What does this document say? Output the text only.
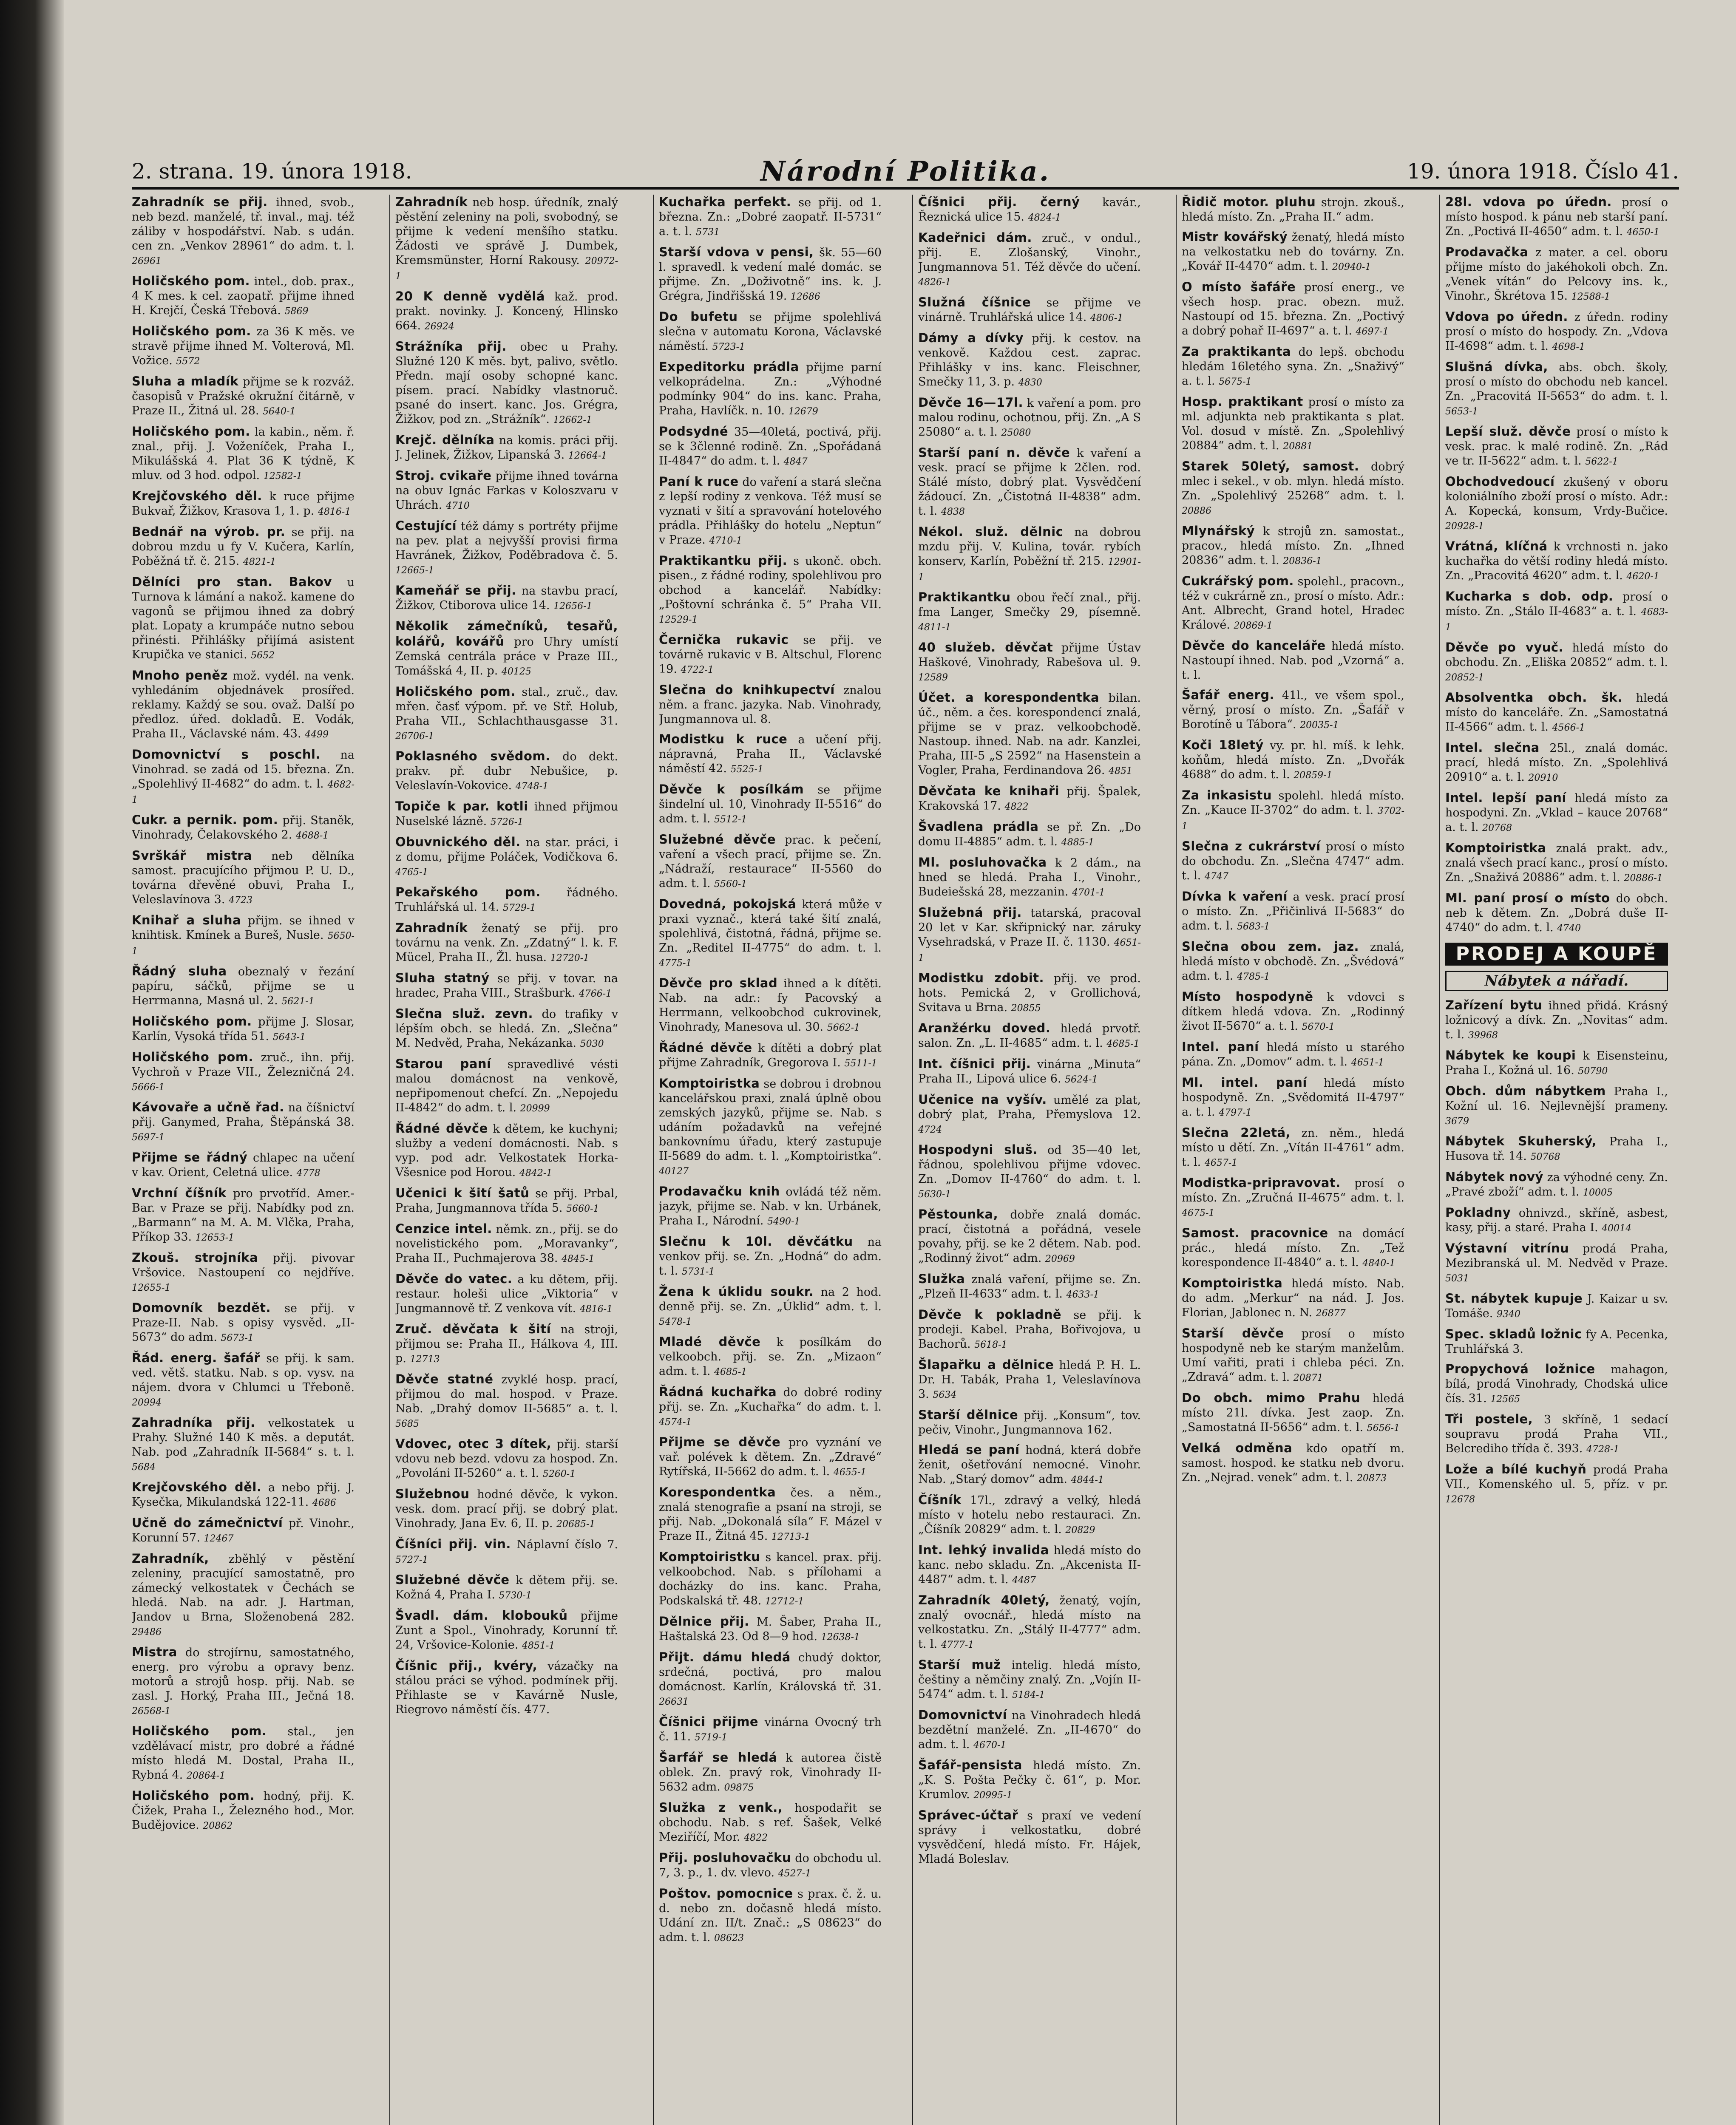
2. strana. 19. února 1918.	Národní Politika.	19. února 1918. Číslo 41.
Zahradník se přij. ihned, svob., neb bezd. manželé, tř. inval., maj. též záliby v hospodářství. Nab. s udán. cen zn. „Venkov 28961“ do adm. t. l. 26961
Holičského pom. intel., dob. prax., 4 K mes. k cel. zaopatř. přijme ihned H. Krejčí, Česká Třebová. 5869
Holičského pom. za 36 K měs. ve stravě přijme ihned M. Volterová, Ml. Vožice. 5572
Sluha a mladík přijme se k rozváž. časopisů v Pražské okružní čitárně, v Praze II., Žitná ul. 28. 5640-1
Holičského pom. la kabin., něm. ř. znal., přij. J. Voženíček, Praha I., Mikulášská 4. Plat 36 K týdně, K mluv. od 3 hod. odpol. 12582-1
Krejčovského děl. k ruce přijme Bukvař, Žižkov, Krasova 1, 1. p. 4816-1
Bednář na výrob. pr. se přij. na dobrou mzdu u fy V. Kučera, Karlín, Poběžná tř. č. 215. 4821-1
Dělníci pro stan. Bakov u Turnova k lámání a nakož. kamene do vagonů se přijmou ihned za dobrý plat. Lopaty a krumpáče nutno sebou přinésti. Přihlášky přijímá asistent Krupička ve stanici. 5652
Mnoho peněz mož. vydél. na venk. vyhledáním objednávek prosířed. reklamy. Každý se sou. ovaž. Další po předloz. úřed. dokladů. E. Vodák, Praha II., Václavské nám. 43. 4499
Domovnictví s poschl. na Vinohrad. se zadá od 15. března. Zn. „Spolehlivý II-4682“ do adm. t. l. 4682-1
Cukr. a pernik. pom. přij. Staněk, Vinohrady, Čelakovského 2. 4688-1
Svrškář mistra neb dělníka samost. pracujícího přijmou P. U. D., továrna dřevěné obuvi, Praha I., Veleslavínova 3. 4723
Knihař a sluha přijm. se ihned v knihtisk. Kmínek a Bureš, Nusle. 5650-1
Řádný sluha obeznalý v řezání papíru, sáčků, přijme se u Herrmanna, Masná ul. 2. 5621-1
Holičského pom. přijme J. Slosar, Karlín, Vysoká třída 51. 5643-1
Holičského pom. zruč., ihn. přij. Vychroň v Praze VII., Železničná 24. 5666-1
Kávovaře a učně řad. na číšnictví přij. Ganymed, Praha, Štěpánská 38. 5697-1
Přijme se řádný chlapec na učení v kav. Orient, Celetná ulice. 4778
Vrchní číšník pro prvotříd. Amer.-Bar. v Praze se přij. Nabídky pod zn. „Barmann“ na M. A. M. Vlčka, Praha, Příkop 33. 12653-1
Zkouš. strojníka přij. pivovar Vršovice. Nastoupení co nejdříve. 12655-1
Domovník bezdět. se přij. v Praze-II. Nab. s opisy vysvěd. „II-5673“ do adm. 5673-1
Řád. energ. šafář se přij. k sam. ved. větš. statku. Nab. s op. vysv. na nájem. dvora v Chlumci u Třeboně. 20994
Zahradníka přij. velkostatek u Prahy. Služné 140 K měs. a deputát. Nab. pod „Zahradník II-5684“ s. t. l. 5684
Krejčovského děl. a nebo přij. J. Kysečka, Mikulandská 122-11. 4686
Učně do zámečnictví př. Vinohr., Korunní 57. 12467
Zahradník, zběhlý v pěstění zeleniny, pracující samostatně, pro zámecký velkostatek v Čechách se hledá. Nab. na adr. J. Hartman, Jandov u Brna, Složenobená 282. 29486
Mistra do strojírnu, samostatného, energ. pro výrobu a opravy benz. motorů a strojů hosp. přij. Nab. se zasl. J. Horký, Praha III., Ječná 18. 26568-1
Holičského pom. stal., jen vzdělávací mistr, pro dobré a řádné místo hledá M. Dostal, Praha II., Rybná 4. 20864-1
Holičského pom. hodný, přij. K. Čižek, Praha I., Železného hod., Mor. Budějovice. 20862
Zahradník neb hosp. úředník, znalý pěstění zeleniny na poli, svobodný, se přijme k vedení menšího statku. Žádosti ve správě J. Dumbek, Kremsmünster, Horní Rakousy. 20972-1
20 K denně vydělá kaž. prod. prakt. novinky. J. Koncený, Hlinsko 664. 26924
Strážníka přij. obec u Prahy. Služné 120 K měs. byt, palivo, světlo. Předn. mají osoby schopné kanc. písem. prací. Nabídky vlastnoruč. psané do insert. kanc. Jos. Grégra, Žižkov, pod zn. „Strážník“. 12662-1
Krejč. dělníka na komis. práci přij. J. Jelinek, Žižkov, Lipanská 3. 12664-1
Stroj. cvikaře přijme ihned továrna na obuv Ignác Farkas v Koloszvaru v Uhrách. 4710
Cestující též dámy s portréty přijme na pev. plat a nejvyšší provisi firma Havránek, Žižkov, Poděbradova č. 5. 12665-1
Kameňář se přij. na stavbu prací, Žižkov, Ctiborova ulice 14. 12656-1
Několik zámečníků, tesařů, kolářů, kovářů pro Uhry umístí Zemská centrála práce v Praze III., Tomášská 4, II. p. 40125
Holičského pom. stal., zruč., dav. mřen. časť výpom. př. ve Stř. Holub, Praha VII., Schlachthausgasse 31. 26706-1
Poklasného svědom. do dekt. prakv. př. dubr Nebušice, p. Veleslavín-Vokovice. 4748-1
Topiče k par. kotli ihned přijmou Nuselské lázně. 5726-1
Obuvnického děl. na star. práci, i z domu, přijme Poláček, Vodičkova 6. 4765-1
Pekařského pom. řádného. Truhlářská ul. 14. 5729-1
Zahradník ženatý se přij. pro továrnu na venk. Zn. „Zdatný“ l. k. F. Mücel, Praha II., Žl. husa. 12720-1
Sluha statný se přij. v tovar. na hradec, Praha VIII., Strašburk. 4766-1
Slečna služ. zevn. do trafiky v lépším obch. se hledá. Zn. „Slečna“ M. Nedvěd, Praha, Nekázanka. 5030
Starou paní spravedlivé vésti malou domácnost na venkově, nepřipomenout chefcí. Zn. „Nepojedu II-4842“ do adm. t. l. 20999
Řádné děvče k dětem, ke kuchyni; služby a vedení domácnosti. Nab. s vyp. pod adr. Velkostatek Horka-Všesnice pod Horou. 4842-1
Učenici k šití šatů se přij. Prbal, Praha, Jungmannova třída 5. 5660-1
Cenzice intel. němk. zn., přij. se do novelistického pom. „Moravanky“, Praha II., Puchmajerova 38. 4845-1
Děvče do vatec. a ku dětem, přij. restaur. holeši ulice „Viktoria“ v Jungmannově tř. Z venkova vít. 4816-1
Zruč. děvčata k šití na stroji, přijmou se: Praha II., Hálkova 4, III. p. 12713
Děvče statné zvyklé hosp. prací, přijmou do mal. hospod. v Praze. Nab. „Drahý domov II-5685“ a. t. l. 5685
Vdovec, otec 3 dítek, přij. starší vdovu neb bezd. vdovu za hospod. Zn. „Povoláni II-5260“ a. t. l. 5260-1
Služebnou hodné děvče, k vykon. vesk. dom. prací přij. se dobrý plat. Vinohrady, Jana Ev. 6, II. p. 20685-1
Číšníci přij. vin. Náplavní číslo 7. 5727-1
Služebné děvče k dětem přij. se. Kožná 4, Praha I. 5730-1
Švadl. dám. klobouků přijme Zunt a Spol., Vinohrady, Korunní tř. 24, Vršovice-Kolonie. 4851-1
Číšnic přij., kvéry, vázačky na stálou práci se výhod. podmínek přij. Přihlaste se v Kavárně Nusle, Riegrovo náměstí čís. 477.
Kuchařka perfekt. se přij. od 1. března. Zn.: „Dobré zaopatř. II-5731“ a. t. l. 5731
Starší vdova v pensi, šk. 55—60 l. spravedl. k vedení malé domác. se přijme. Zn. „Doživotně“ ins. k. J. Grégra, Jindřišská 19. 12686
Do bufetu se přijme spolehlivá slečna v automatu Korona, Václavské náměstí. 5723-1
Expeditorku prádla přijme parní velkoprádelna. Zn.: „Výhodné podmínky 904“ do ins. kanc. Praha, Praha, Havlíčk. n. 10. 12679
Podsydné 35—40letá, poctivá, přij. se k 3členné rodině. Zn. „Spořádaná II-4847“ do adm. t. l. 4847
Paní k ruce do vaření a stará slečna z lepší rodiny z venkova. Též musí se vyznati v šití a spravování hotelového prádla. Přihlášky do hotelu „Neptun“ v Praze. 4710-1
Praktikantku přij. s ukonč. obch. pisen., z řádné rodiny, spolehlivou pro obchod a kancelář. Nabídky: „Poštovní schránka č. 5“ Praha VII. 12529-1
Černička rukavic se přij. ve továrně rukavic v B. Altschul, Florenc 19. 4722-1
Slečna do knihkupectví znalou něm. a franc. jazyka. Nab. Vinohrady, Jungmannova ul. 8.
Modistku k ruce a učení přij. nápravná, Praha II., Václavské náměstí 42. 5525-1
Děvče k posílkám se přijme šindelní ul. 10, Vinohrady II-5516“ do adm. t. l. 5512-1
Služebné děvče prac. k pečení, vaření a všech prací, přijme se. Zn. „Nádraží, restaurace“ II-5560 do adm. t. l. 5560-1
Dovedná, pokojská která může v praxi vyznač., která také šití znalá, spolehlivá, čistotná, řádná, přijme se. Zn. „Reditel II-4775“ do adm. t. l. 4775-1
Děvče pro sklad ihned a k dítěti. Nab. na adr.: fy Pacovský a Herrmann, velkoobchod cukrovinek, Vinohrady, Manesova ul. 30. 5662-1
Řádné děvče k dítěti a dobrý plat přijme Zahradník, Gregorova I. 5511-1
Komptoiristka se dobrou i drobnou kancelářskou praxi, znalá úplně obou zemských jazyků, přijme se. Nab. s udáním požadavků na veřejné bankovnímu úřadu, který zastupuje II-5689 do adm. t. l. „Komptoiristka“. 40127
Prodavačku knih ovládá též něm. jazyk, přijme se. Nab. v kn. Urbánek, Praha I., Národní. 5490-1
Slečnu k 10l. děvčátku na venkov přij. se. Zn. „Hodná“ do adm. t. l. 5731-1
Žena k úklidu soukr. na 2 hod. denně přij. se. Zn. „Úklid“ adm. t. l. 5478-1
Mladé děvče k posílkám do velkoobch. přij. se. Zn. „Mizaon“ adm. t. l. 4685-1
Řádná kuchařka do dobré rodiny přij. se. Zn. „Kuchařka“ do adm. t. l. 4574-1
Přijme se děvče pro vyznání ve vař. polévek k dětem. Zn. „Zdravé“ Rytířská, II-5662 do adm. t. l. 4655-1
Korespondentka čes. a něm., znalá stenografie a psaní na stroji, se přij. Nab. „Dokonalá síla“ F. Mázel v Praze II., Žitná 45. 12713-1
Komptoiristku s kancel. prax. přij. velkoobchod. Nab. s přílohami a docházky do ins. kanc. Praha, Podskalská tř. 48. 12712-1
Dělnice přij. M. Šaber, Praha II., Haštalská 23. Od 8—9 hod. 12638-1
Přijt. dámu hledá chudý doktor, srdečná, poctivá, pro malou domácnost. Karlín, Královská tř. 31. 26631
Číšnici přijme vinárna Ovocný trh č. 11. 5719-1
Šarfář se hledá k autorea čistě oblek. Zn. pravý rok, Vinohrady II-5632 adm. 09875
Služka z venk., hospodařit se obchodu. Nab. s ref. Šašek, Velké Meziříčí, Mor. 4822
Přij. posluhovačku do obchodu ul. 7, 3. p., 1. dv. vlevo. 4527-1
Poštov. pomocnice s prax. č. ž. u. d. nebo zn. dočasně hledá místo. Udání zn. II/t. Znač.: „S 08623“ do adm. t. l. 08623
Číšnici přij. černý kavár., Řeznická ulice 15. 4824-1
Kadeřnici dám. zruč., v ondul., přij. E. Zlošanský, Vinohr., Jungmannova 51. Též děvče do učení. 4826-1
Služná číšnice se přijme ve vinárně. Truhlářská ulice 14. 4806-1
Dámy a dívky přij. k cestov. na venkově. Každou cest. zaprac. Přihlášky v ins. kanc. Fleischner, Smečky 11, 3. p. 4830
Děvče 16—17l. k vaření a pom. pro malou rodinu, ochotnou, přij. Zn. „A S 25080“ a. t. l. 25080
Starší paní n. děvče k vaření a vesk. prací se přijme k 2člen. rod. Stálé místo, dobrý plat. Vysvědčení žádoucí. Zn. „Čistotná II-4838“ adm. t. l. 4838
Nékol. služ. dělnic na dobrou mzdu přij. V. Kulina, továr. rybích konserv, Karlín, Poběžní tř. 215. 12901-1
Praktikantku obou řečí znal., přij. fma Langer, Smečky 29, písemně. 4811-1
40 služeb. děvčat přijme Ústav Haškové, Vinohrady, Rabešova ul. 9. 12589
Účet. a korespondentka bilan. úč., něm. a čes. korespondencí znalá, přijme se v praz. velkoobchodě. Nastoup. ihned. Nab. na adr. Kanzlei, Praha, III-5 „S 2592“ na Hasenstein a Vogler, Praha, Ferdinandova 26. 4851
Děvčata ke knihaři přij. Špalek, Krakovská 17. 4822
Švadlena prádla se př. Zn. „Do domu II-4885“ adm. t. l. 4885-1
Ml. posluhovačka k 2 dám., na hned se hledá. Praha I., Vinohr., Budeiešská 28, mezzanin. 4701-1
Služebná přij. tatarská, pracoval 20 let v Kar. skřipnický nar. záruky Vysehradská, v Praze II. č. 1130. 4651-1
Modistku zdobit. přij. ve prod. hots. Pemická 2, v Grollichová, Svitava u Brna. 20855
Aranžérku doved. hledá prvotř. salon. Zn. „L. II-4685“ adm. t. l. 4685-1
Int. číšnici přij. vinárna „Minuta“ Praha II., Lipová ulice 6. 5624-1
Učenice na vyšív. umělé za plat, dobrý plat, Praha, Přemyslova 12. 4724
Hospodyni sluš. od 35—40 let, řádnou, spolehlivou přijme vdovec. Zn. „Domov II-4760“ do adm. t. l. 5630-1
Pěstounka, dobře znalá domác. prací, čistotná a pořádná, vesele povahy, přij. se ke 2 dětem. Nab. pod. „Rodinný život“ adm. 20969
Služka znalá vaření, přijme se. Zn. „Plzeň II-4633“ adm. t. l. 4633-1
Děvče k pokladně se přij. k prodeji. Kabel. Praha, Bořivojova, u Bachorů. 5618-1
Šlapařku a dělnice hledá P. H. L. Dr. H. Tabák, Praha 1, Veleslavínova 3. 5634
Starší dělnice přij. „Konsum“, tov. pečiv, Vinohr., Jungmannova 162.
Hledá se paní hodná, která dobře ženit, ošetřování nemocné. Vinohr. Nab. „Starý domov“ adm. 4844-1
Číšník 17l., zdravý a velký, hledá místo v hotelu nebo restauraci. Zn. „Číšník 20829“ adm. t. l. 20829
Int. lehký invalida hledá místo do kanc. nebo skladu. Zn. „Akcenista II-4487“ adm. t. l. 4487
Zahradník 40letý, ženatý, vojín, znalý ovocnář., hledá místo na velkostatku. Zn. „Stálý II-4777“ adm. t. l. 4777-1
Starší muž intelig. hledá místo, češtiny a němčiny znalý. Zn. „Vojín II-5474“ adm. t. l. 5184-1
Domovnictví na Vinohradech hledá bezdětní manželé. Zn. „II-4670“ do adm. t. l. 4670-1
Šafář-pensista hledá místo. Zn. „K. S. Pošta Pečky č. 61“, p. Mor. Krumlov. 20995-1
Správec-účtař s praxí ve vedení správy i velkostatku, dobré vysvědčení, hledá místo. Fr. Hájek, Mladá Boleslav.
Řidič motor. pluhu strojn. zkouš., hledá místo. Zn. „Praha II.“ adm.
Mistr kovářský ženatý, hledá místo na velkostatku neb do továrny. Zn. „Kovář II-4470“ adm. t. l. 20940-1
O místo šafáře prosí energ., ve všech hosp. prac. obezn. muž. Nastoupí od 15. března. Zn. „Poctivý a dobrý pohař II-4697“ a. t. l. 4697-1
Za praktikanta do lepš. obchodu hledám 16letého syna. Zn. „Snaživý“ a. t. l. 5675-1
Hosp. praktikant prosí o místo za ml. adjunkta neb praktikanta s plat. Vol. dosud v místě. Zn. „Spolehlivý 20884“ adm. t. l. 20881
Starek 50letý, samost. dobrý mlec i sekel., v ob. mlyn. hledá místo. Zn. „Spolehlivý 25268“ adm. t. l. 20886
Mlynářský k strojů zn. samostat., pracov., hledá místo. Zn. „Ihned 20836“ adm. t. l. 20836-1
Cukrářský pom. spolehl., pracovn., též v cukrárně zn., prosí o místo. Adr.: Ant. Albrecht, Grand hotel, Hradec Králové. 20869-1
Děvče do kanceláře hledá místo. Nastoupí ihned. Nab. pod „Vzorná“ a. t. l.
Šafář energ. 41l., ve všem spol., věrný, prosí o místo. Zn. „Šafář v Borotíně u Tábora“. 20035-1
Koči 18letý vy. pr. hl. míš. k lehk. koňům, hledá místo. Zn. „Dvořák 4688“ do adm. t. l. 20859-1
Za inkasistu spolehl. hledá místo. Zn. „Kauce II-3702“ do adm. t. l. 3702-1
Slečna z cukrárství prosí o místo do obchodu. Zn. „Slečna 4747“ adm. t. l. 4747
Dívka k vaření a vesk. prací prosí o místo. Zn. „Přičinlivá II-5683“ do adm. t. l. 5683-1
Slečna obou zem. jaz. znalá, hledá místo v obchodě. Zn. „Švédová“ adm. t. l. 4785-1
Místo hospodyně k vdovci s dítkem hledá vdova. Zn. „Rodinný život II-5670“ a. t. l. 5670-1
Intel. paní hledá místo u starého pána. Zn. „Domov“ adm. t. l. 4651-1
Ml. intel. paní hledá místo hospodyně. Zn. „Svědomitá II-4797“ a. t. l. 4797-1
Slečna 22letá, zn. něm., hledá místo u dětí. Zn. „Vítán II-4761“ adm. t. l. 4657-1
Modistka-pripravovat. prosí o místo. Zn. „Zručná II-4675“ adm. t. l. 4675-1
Samost. pracovnice na domácí prác., hledá místo. Zn. „Tež korespondence II-4840“ a. t. l. 4840-1
Komptoiristka hledá místo. Nab. do adm. „Merkur“ na nád. J. Jos. Florian, Jablonec n. N. 26877
Starší děvče prosí o místo hospodyně neb ke starým manželům. Umí vařiti, prati i chleba péci. Zn. „Zdravá“ adm. t. l. 20871
Do obch. mimo Prahu hledá místo 21l. dívka. Jest zaop. Zn. „Samostatná II-5656“ adm. t. l. 5656-1
Velká odměna kdo opatří m. samost. hospod. ke statku neb dvoru. Zn. „Nejrad. venek“ adm. t. l. 20873
28l. vdova po úředn. prosí o místo hospod. k pánu neb starší paní. Zn. „Poctivá II-4650“ adm. t. l. 4650-1
Prodavačka z mater. a cel. oboru přijme místo do jakéhokoli obch. Zn. „Venek vítán“ do Pelcovy ins. k., Vinohr., Škrétova 15. 12588-1
Vdova po úředn. z úředn. rodiny prosí o místo do hospody. Zn. „Vdova II-4698“ adm. t. l. 4698-1
Slušná dívka, abs. obch. školy, prosí o místo do obchodu neb kancel. Zn. „Pracovitá II-5653“ do adm. t. l. 5653-1
Lepší služ. děvče prosí o místo k vesk. prac. k malé rodině. Zn. „Rád ve tr. II-5622“ adm. t. l. 5622-1
Obchodvedoucí zkušený v oboru koloniálního zboží prosí o místo. Adr.: A. Kopecká, konsum, Vrdy-Bučice. 20928-1
Vrátná, klíčná k vrchnosti n. jako kuchařka do větší rodiny hledá místo. Zn. „Pracovitá 4620“ adm. t. l. 4620-1
Kucharka s dob. odp. prosí o místo. Zn. „Stálo II-4683“ a. t. l. 4683-1
Děvče po vyuč. hledá místo do obchodu. Zn. „Eliška 20852“ adm. t. l. 20852-1
Absolventka obch. šk. hledá místo do kanceláře. Zn. „Samostatná II-4566“ adm. t. l. 4566-1
Intel. slečna 25l., znalá domác. prací, hledá místo. Zn. „Spolehlivá 20910“ a. t. l. 20910
Intel. lepší paní hledá místo za hospodyni. Zn. „Vklad – kauce 20768“ a. t. l. 20768
Komptoiristka znalá prakt. adv., znalá všech prací kanc., prosí o místo. Zn. „Snaživá 20886“ adm. t. l. 20886-1
Ml. paní prosí o místo do obch. neb k dětem. Zn. „Dobrá duše II-4740“ do adm. t. l. 4740
PRODEJ A KOUPĚ
Nábytek a nářadí.
Zařízení bytu ihned přidá. Krásný ložnicový a dívk. Zn. „Novitas“ adm. t. l. 39968
Nábytek ke koupi k Eisensteinu, Praha I., Kožná ul. 16. 50790
Obch. dům nábytkem Praha I., Kožní ul. 16. Nejlevnější prameny. 3679
Nábytek Skuherský, Praha I., Husova tř. 14. 50768
Nábytek nový za výhodné ceny. Zn. „Pravé zboží“ adm. t. l. 10005
Pokladny ohnivzd., skříně, asbest, kasy, přij. a staré. Praha I. 40014
Výstavní vitrínu prodá Praha, Mezibranská ul. M. Nedvěd v Praze. 5031
St. nábytek kupuje J. Kaizar u sv. Tomáše. 9340
Spec. skladů ložnic fy A. Pecenka, Truhlářská 3.
Propychová ložnice mahagon, bílá, prodá Vinohrady, Chodská ulice čís. 31. 12565
Tři postele, 3 skříně, 1 sedací soupravu prodá Praha VII., Belcrediho třída č. 393. 4728-1
Lože a bílé kuchyň prodá Praha VII., Komenského ul. 5, příz. v pr. 12678
